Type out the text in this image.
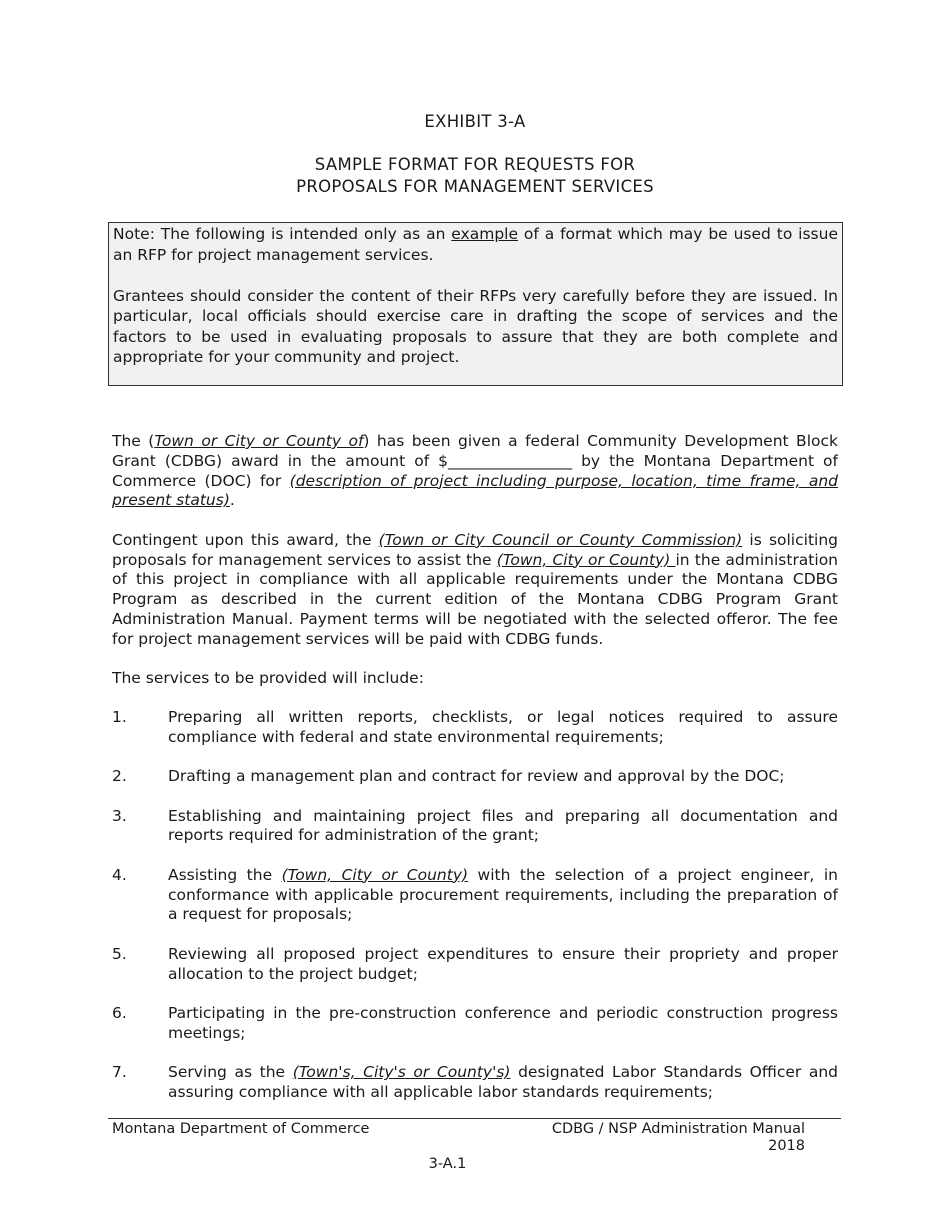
EXHIBIT 3-A
SAMPLE FORMAT FOR REQUESTS FOR
PROPOSALS FOR MANAGEMENT SERVICES

Note: The following is intended only as an example of a format which may be used to issue an RFP for project management services.

Grantees should consider the content of their RFPs very carefully before they are issued. In particular, local officials should exercise care in drafting the scope of services and the factors to be used in evaluating proposals to assure that they are both complete and appropriate for your community and project.

The (Town or City or County of) has been given a federal Community Development Block Grant (CDBG) award in the amount of $________________ by the Montana Department of Commerce (DOC) for (description of project including purpose, location, time frame, and present status).

Contingent upon this award, the (Town or City Council or County Commission) is soliciting proposals for management services to assist the (Town, City or County) in the administration of this project in compliance with all applicable requirements under the Montana CDBG Program as described in the current edition of the Montana CDBG Program Grant Administration Manual. Payment terms will be negotiated with the selected offeror. The fee for project management services will be paid with CDBG funds.

The services to be provided will include:

1.	Preparing all written reports, checklists, or legal notices required to assure compliance with federal and state environmental requirements;
2.	Drafting a management plan and contract for review and approval by the DOC;
3.	Establishing and maintaining project files and preparing all documentation and reports required for administration of the grant;
4.	Assisting the (Town, City or County) with the selection of a project engineer, in conformance with applicable procurement requirements, including the preparation of a request for proposals;
5.	Reviewing all proposed project expenditures to ensure their propriety and proper allocation to the project budget;
6.	Participating in the pre-construction conference and periodic construction progress meetings;
7.	Serving as the (Town's, City's or County's) designated Labor Standards Officer and assuring compliance with all applicable labor standards requirements;
Montana Department of Commerce	CDBG / NSP Administration Manual
2018
3-A.1
